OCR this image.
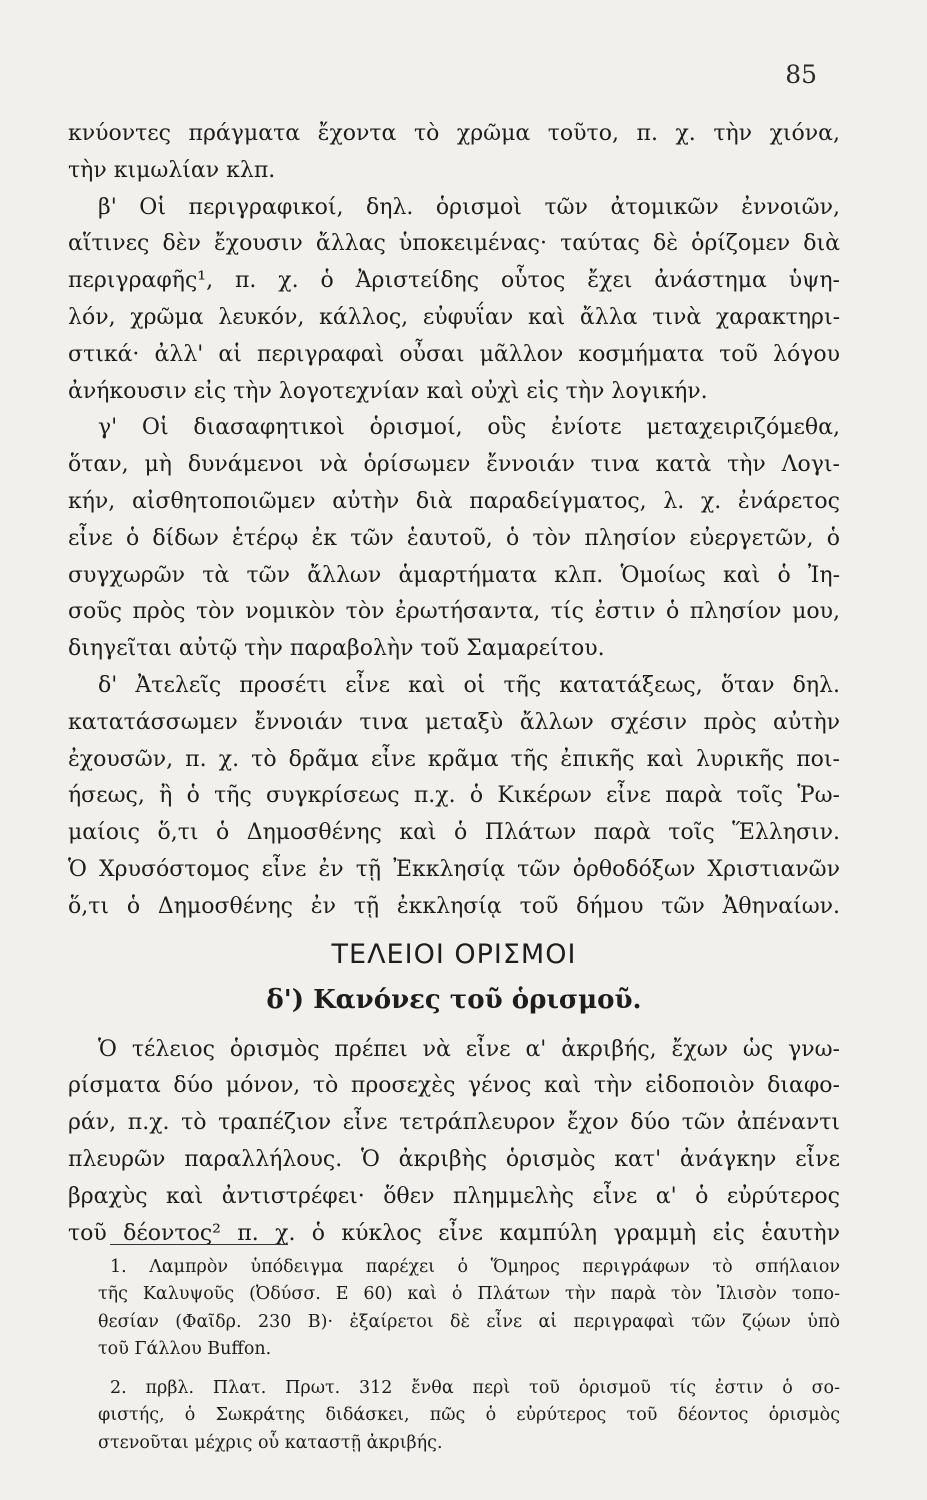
85
κνύοντες πράγματα ἔχοντα τὸ χρῶμα τοῦτο, π. χ. τὴν χιόνα,
τὴν κιμωλίαν κλπ.
β' Οἱ περιγραφικοί, δηλ. ὁρισμοὶ τῶν ἀτομικῶν ἐννοιῶν,
αἵτινες δὲν ἔχουσιν ἄλλας ὑποκειμένας· ταύτας δὲ ὁρίζομεν διὰ
περιγραφῆς¹, π. χ. ὁ Ἀριστείδης οὗτος ἔχει ἀνάστημα ὑψη-
λόν, χρῶμα λευκόν, κάλλος, εὐφυΐαν καὶ ἄλλα τινὰ χαρακτηρι-
στικά· ἀλλ' αἱ περιγραφαὶ οὖσαι μᾶλλον κοσμήματα τοῦ λόγου
ἀνήκουσιν εἰς τὴν λογοτεχνίαν καὶ οὐχὶ εἰς τὴν λογικήν.
γ' Οἱ διασαφητικοὶ ὁρισμοί, οὓς ἐνίοτε μεταχειριζόμεθα,
ὅταν, μὴ δυνάμενοι νὰ ὁρίσωμεν ἔννοιάν τινα κατὰ τὴν Λογι-
κήν, αἰσθητοποιῶμεν αὐτὴν διὰ παραδείγματος, λ. χ. ἐνάρετος
εἶνε ὁ δίδων ἑτέρῳ ἐκ τῶν ἑαυτοῦ, ὁ τὸν πλησίον εὐεργετῶν, ὁ
συγχωρῶν τὰ τῶν ἄλλων ἁμαρτήματα κλπ. Ὁμοίως καὶ ὁ Ἰη-
σοῦς πρὸς τὸν νομικὸν τὸν ἐρωτήσαντα, τίς ἐστιν ὁ πλησίον μου,
διηγεῖται αὐτῷ τὴν παραβολὴν τοῦ Σαμαρείτου.
δ' Ἀτελεῖς προσέτι εἶνε καὶ οἱ τῆς κατατάξεως, ὅταν δηλ.
κατατάσσωμεν ἔννοιάν τινα μεταξὺ ἄλλων σχέσιν πρὸς αὐτὴν
ἐχουσῶν, π. χ. τὸ δρᾶμα εἶνε κρᾶμα τῆς ἐπικῆς καὶ λυρικῆς ποι-
ήσεως, ἢ ὁ τῆς συγκρίσεως π.χ. ὁ Κικέρων εἶνε παρὰ τοῖς Ῥω-
μαίοις ὅ,τι ὁ Δημοσθένης καὶ ὁ Πλάτων παρὰ τοῖς Ἕλλησιν.
Ὁ Χρυσόστομος εἶνε ἐν τῇ Ἐκκλησίᾳ τῶν ὀρθοδόξων Χριστιανῶν
ὅ,τι ὁ Δημοσθένης ἐν τῇ ἐκκλησίᾳ τοῦ δήμου τῶν Ἀθηναίων.
ΤΕΛΕΙΟΙ ΟΡΙΣΜΟΙ
δ') Κανόνες τοῦ ὁρισμοῦ.
Ὁ τέλειος ὁρισμὸς πρέπει νὰ εἶνε α' ἀκριβής, ἔχων ὡς γνω-
ρίσματα δύο μόνον, τὸ προσεχὲς γένος καὶ τὴν εἰδοποιὸν διαφο-
ράν, π.χ. τὸ τραπέζιον εἶνε τετράπλευρον ἔχον δύο τῶν ἀπέναντι
πλευρῶν παραλλήλους. Ὁ ἀκριβὴς ὁρισμὸς κατ' ἀνάγκην εἶνε
βραχὺς καὶ ἀντιστρέφει· ὅθεν πλημμελὴς εἶνε α' ὁ εὐρύτερος
τοῦ δέοντος² π. χ. ὁ κύκλος εἶνε καμπύλη γραμμὴ εἰς ἑαυτὴν
1. Λαμπρὸν ὑπόδειγμα παρέχει ὁ Ὅμηρος περιγράφων τὸ σπήλαιον
τῆς Καλυψοῦς (Ὀδύσσ. Ε 60) καὶ ὁ Πλάτων τὴν παρὰ τὸν Ἰλισὸν τοπο-
θεσίαν (Φαῖδρ. 230 Β)· ἐξαίρετοι δὲ εἶνε αἱ περιγραφαὶ τῶν ζῴων ὑπὸ
τοῦ Γάλλου Buffon.
2. πρβλ. Πλατ. Πρωτ. 312 ἔνθα περὶ τοῦ ὁρισμοῦ τίς ἐστιν ὁ σο-
φιστής, ὁ Σωκράτης διδάσκει, πῶς ὁ εὐρύτερος τοῦ δέοντος ὁρισμὸς
στενοῦται μέχρις οὗ καταστῇ ἀκριβής.
